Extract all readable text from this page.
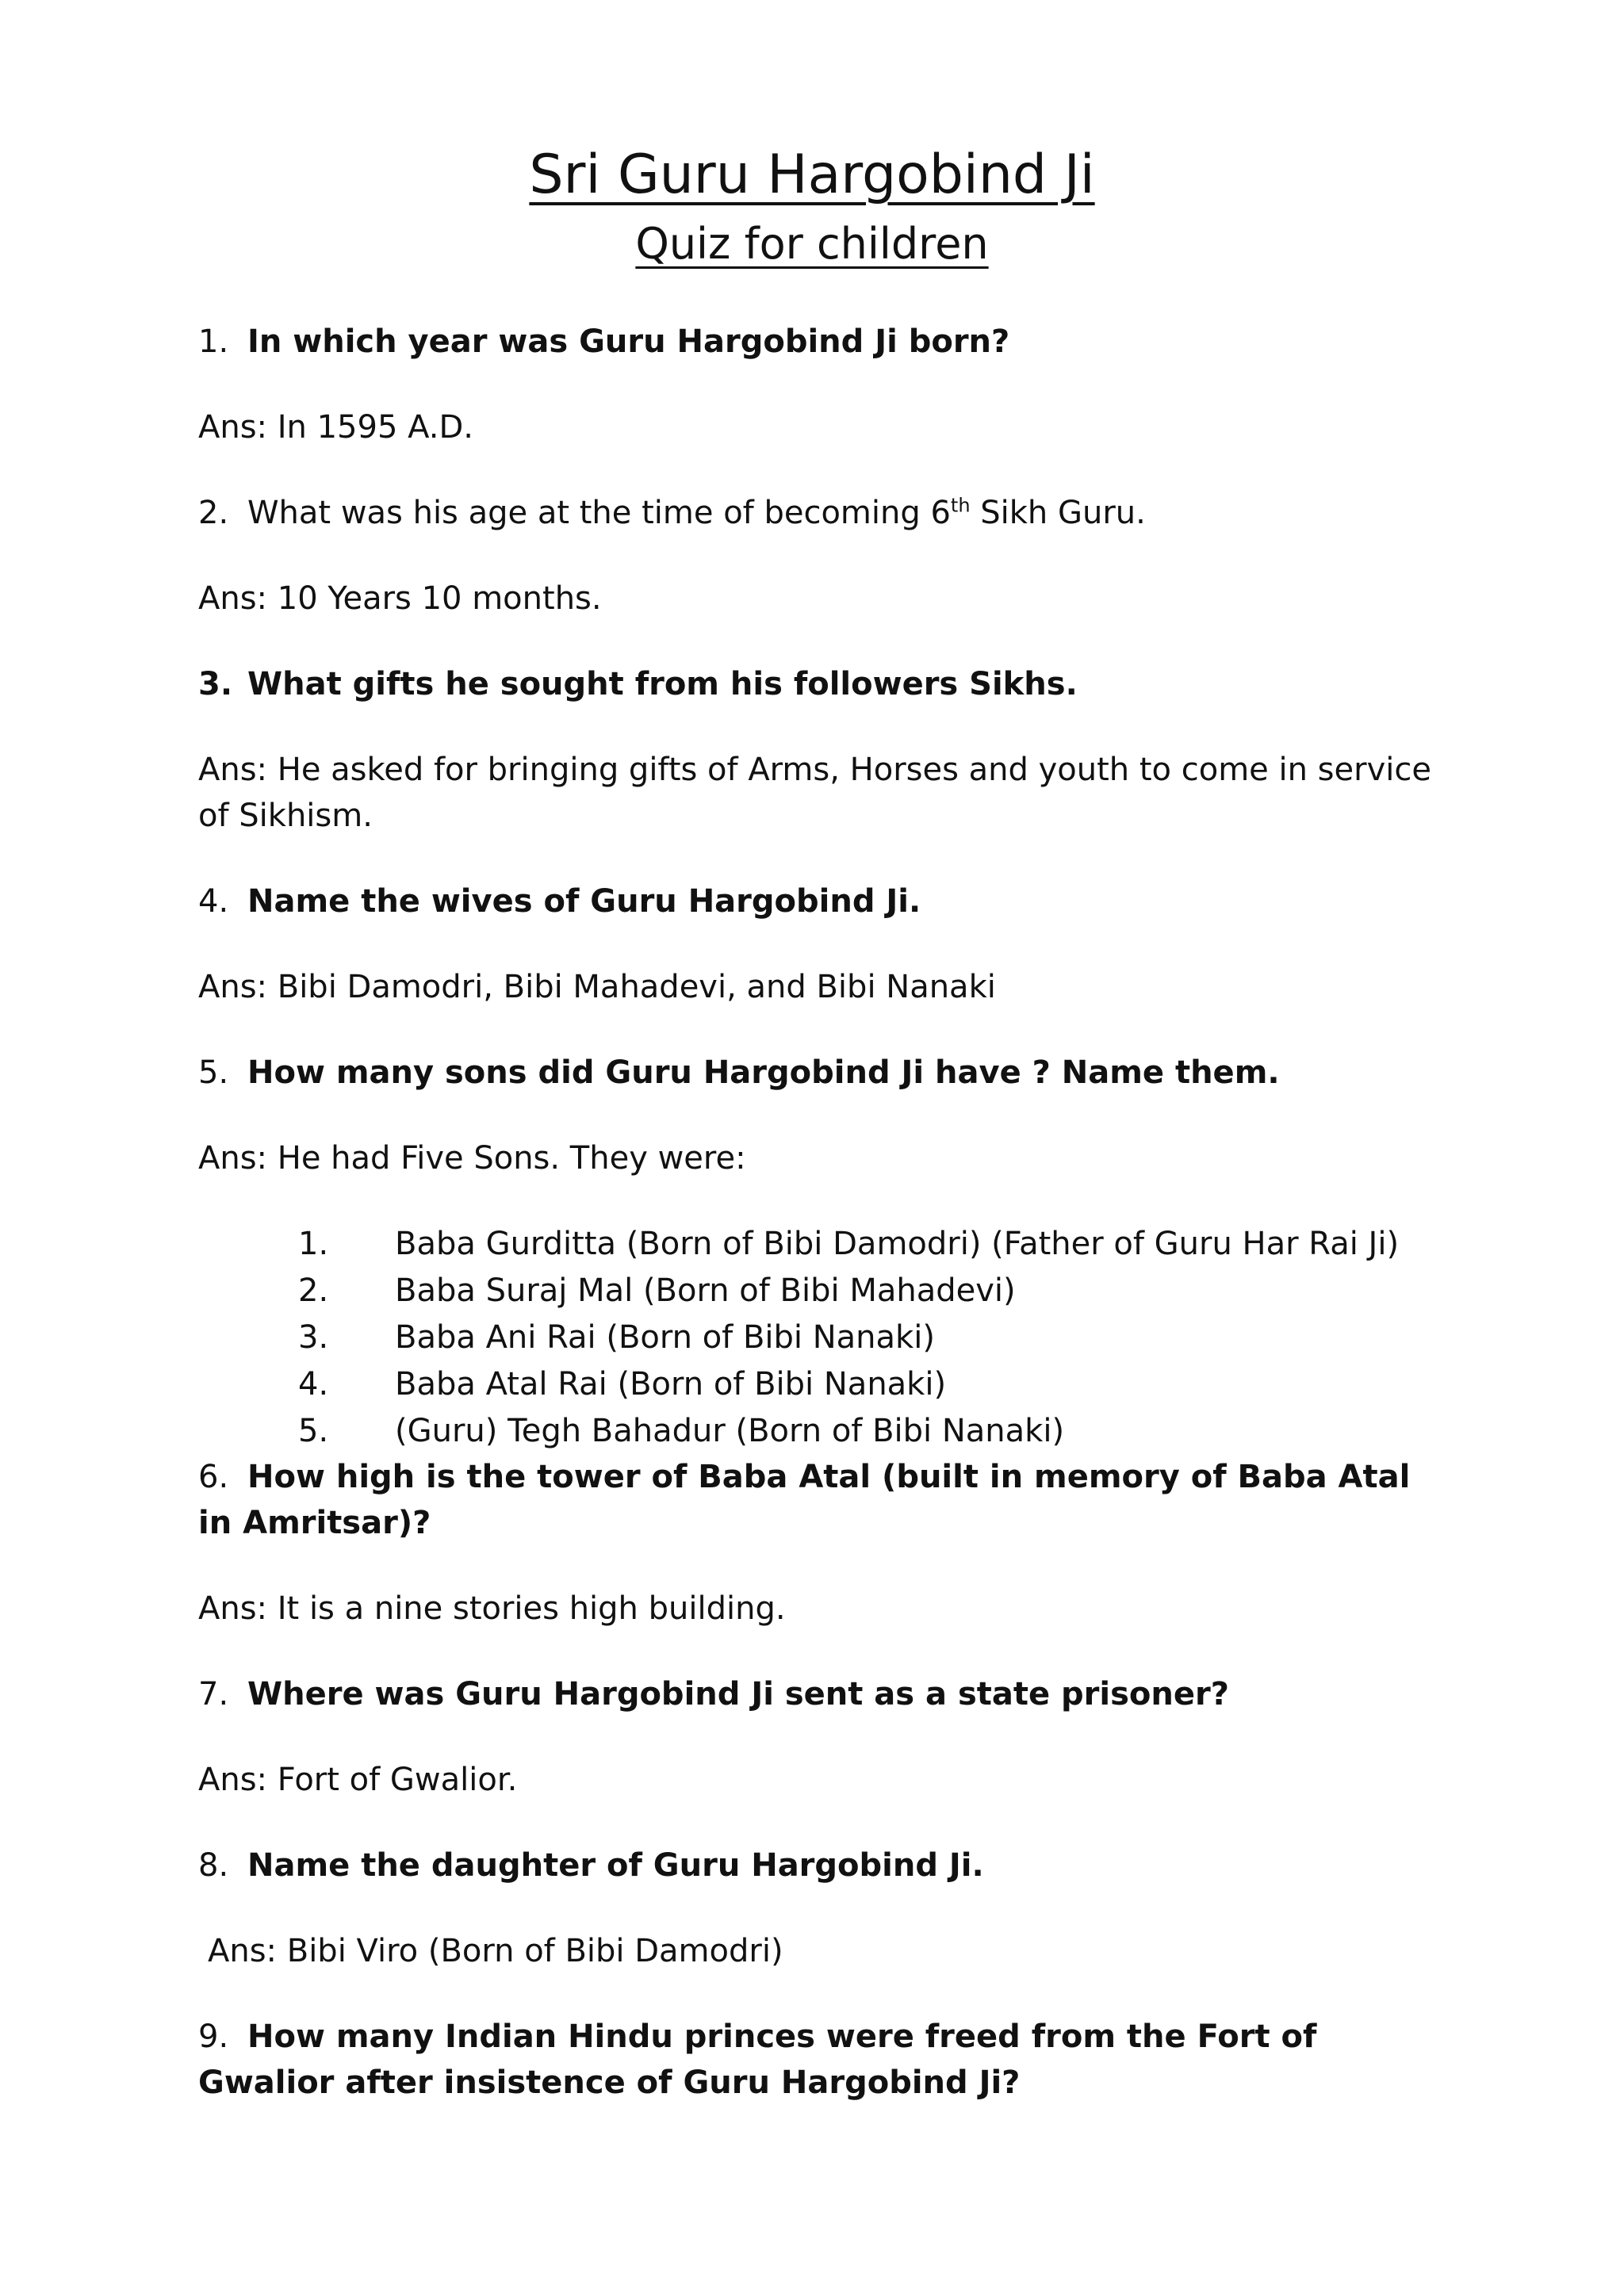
Sri Guru Hargobind Ji
Quiz for children
1. In which year was Guru Hargobind Ji born?
Ans: In 1595 A.D.
2. What was his age at the time of becoming 6th Sikh Guru.
Ans: 10 Years 10 months.
3. What gifts he sought from his followers Sikhs.
Ans: He asked for bringing gifts of Arms, Horses and youth to come in service of Sikhism.
4. Name the wives of Guru Hargobind Ji.
Ans: Bibi Damodri, Bibi Mahadevi, and Bibi Nanaki
5. How many sons did Guru Hargobind Ji have ? Name them.
Ans: He had Five Sons. They were:
1. Baba Gurditta (Born of Bibi Damodri) (Father of Guru Har Rai Ji)
2. Baba Suraj Mal (Born of Bibi Mahadevi)
3. Baba Ani Rai (Born of Bibi Nanaki)
4. Baba Atal Rai (Born of Bibi Nanaki)
5. (Guru) Tegh Bahadur (Born of Bibi Nanaki)
6. How high is the tower of Baba Atal (built in memory of Baba Atal in Amritsar)?
Ans: It is a nine stories high building.
7. Where was Guru Hargobind Ji sent as a state prisoner?
Ans: Fort of Gwalior.
8. Name the daughter of Guru Hargobind Ji.
Ans: Bibi Viro (Born of Bibi Damodri)
9. How many Indian Hindu princes were freed from the Fort of Gwalior after insistence of Guru Hargobind Ji?
